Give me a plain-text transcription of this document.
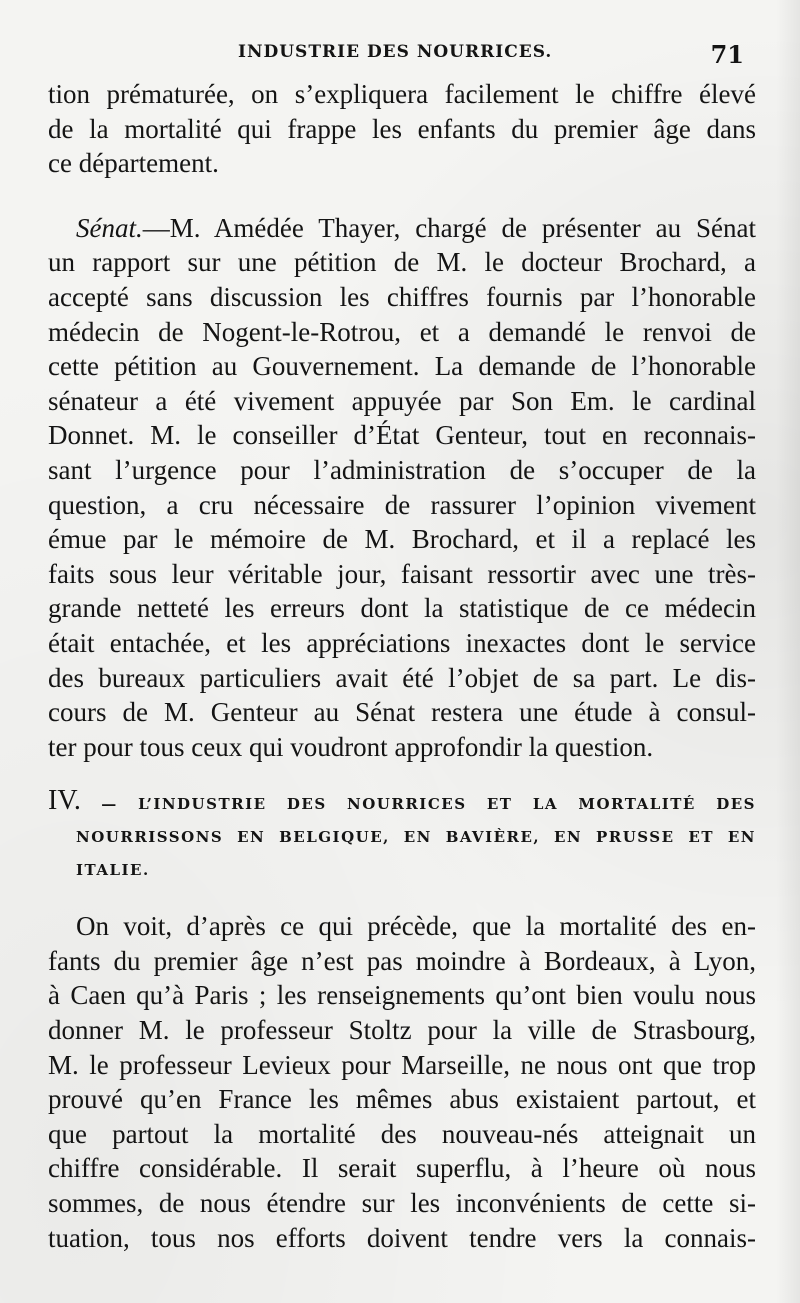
INDUSTRIE DES NOURRICES.	71
tion prématurée, on s’expliquera facilement le chiffre élevé
de la mortalité qui frappe les enfants du premier âge dans
ce département.
Sénat.—M. Amédée Thayer, chargé de présenter au Sénat
un rapport sur une pétition de M. le docteur Brochard, a
accepté sans discussion les chiffres fournis par l’honorable
médecin de Nogent-le-Rotrou, et a demandé le renvoi de
cette pétition au Gouvernement. La demande de l’honorable
sénateur a été vivement appuyée par Son Em. le cardinal
Donnet. M. le conseiller d’État Genteur, tout en reconnais-
sant l’urgence pour l’administration de s’occuper de la
question, a cru nécessaire de rassurer l’opinion vivement
émue par le mémoire de M. Brochard, et il a replacé les
faits sous leur véritable jour, faisant ressortir avec une très-
grande netteté les erreurs dont la statistique de ce médecin
était entachée, et les appréciations inexactes dont le service
des bureaux particuliers avait été l’objet de sa part. Le dis-
cours de M. Genteur au Sénat restera une étude à consul-
ter pour tous ceux qui voudront approfondir la question.
IV. — L’INDUSTRIE DES NOURRICES ET LA MORTALITÉ DES
NOURRISSONS EN BELGIQUE, EN BAVIÈRE, EN PRUSSE ET EN
ITALIE.
On voit, d’après ce qui précède, que la mortalité des en-
fants du premier âge n’est pas moindre à Bordeaux, à Lyon,
à Caen qu’à Paris ; les renseignements qu’ont bien voulu nous
donner M. le professeur Stoltz pour la ville de Strasbourg,
M. le professeur Levieux pour Marseille, ne nous ont que trop
prouvé qu’en France les mêmes abus existaient partout, et
que partout la mortalité des nouveau-nés atteignait un
chiffre considérable. Il serait superflu, à l’heure où nous
sommes, de nous étendre sur les inconvénients de cette si-
tuation, tous nos efforts doivent tendre vers la connais-
